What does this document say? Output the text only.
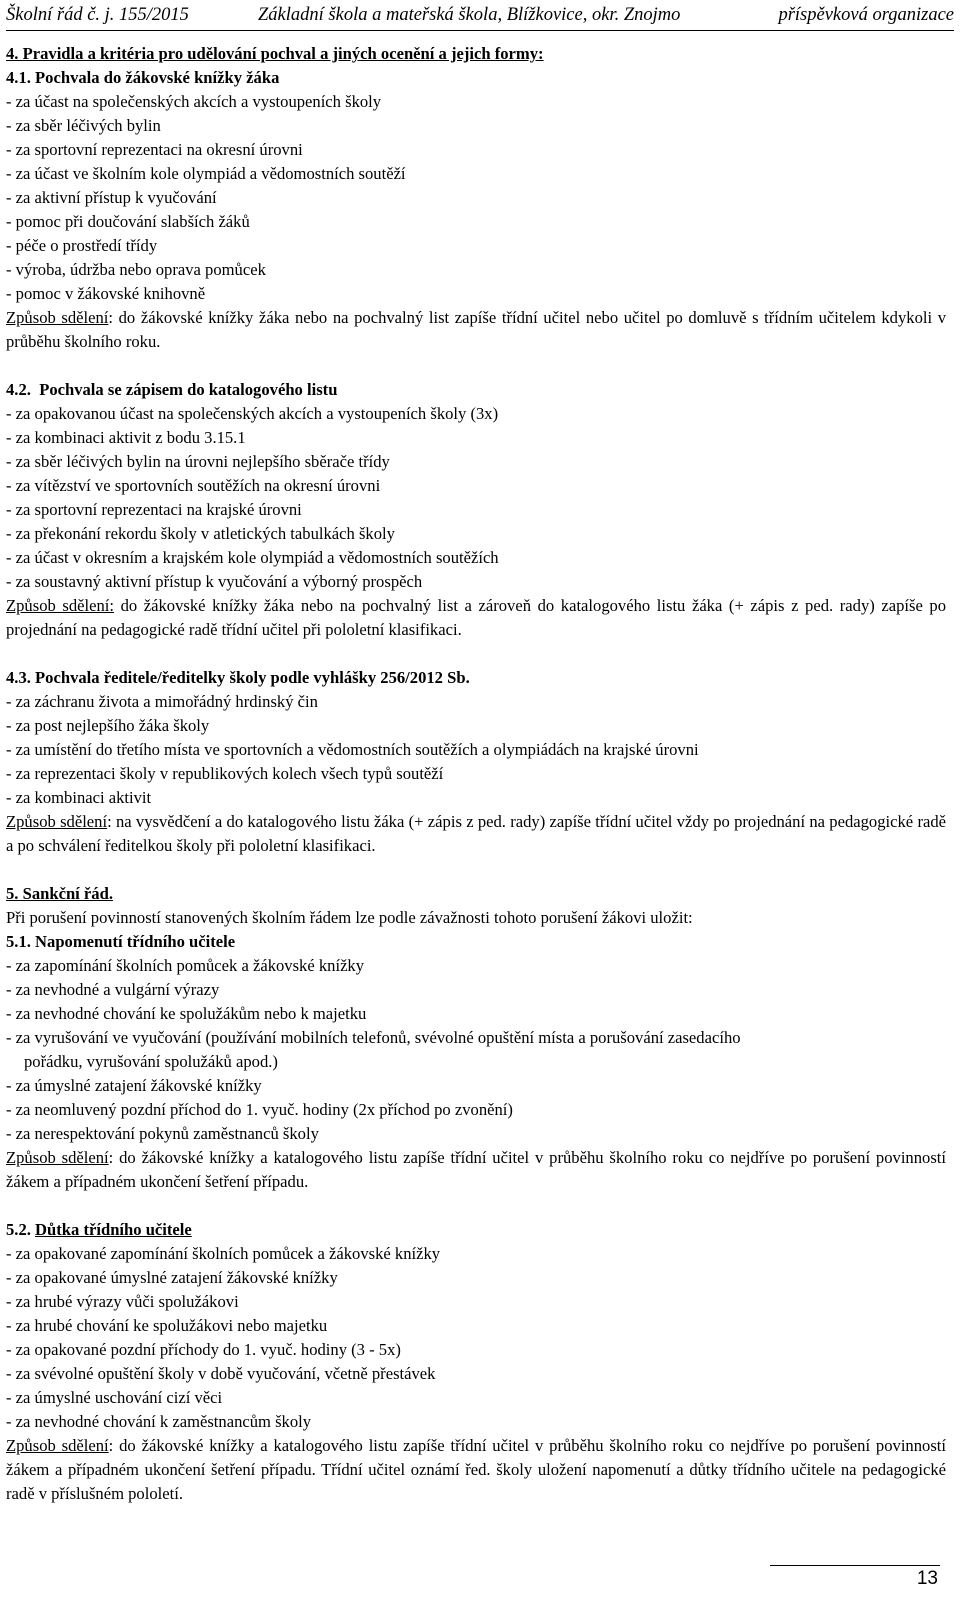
Školní řád č. j. 155/2015	Základní škola a mateřská škola, Blížkovice, okr. Znojmo	příspěvková organizace
4. Pravidla a kritéria pro udělování pochval a jiných ocenění a jejich formy:
4.1. Pochvala do žákovské knížky žáka
- za účast na společenských akcích a vystoupeních školy
- za sběr léčivých bylin
- za sportovní reprezentaci na okresní úrovni
- za účast ve školním kole olympiád a vědomostních soutěží
- za aktivní přístup k vyučování
- pomoc při doučování slabších žáků
- péče o prostředí třídy
- výroba, údržba nebo oprava pomůcek
- pomoc v žákovské knihovně
Způsob sdělení: do žákovské knížky žáka nebo na pochvalný list zapíše třídní učitel nebo učitel po domluvě s třídním učitelem kdykoli v průběhu školního roku.
4.2. Pochvala se zápisem do katalogového listu
- za opakovanou účast na společenských akcích a vystoupeních školy (3x)
- za kombinaci aktivit z bodu 3.15.1
- za sběr léčivých bylin na úrovni nejlepšího sběrače třídy
- za vítězství ve sportovních soutěžích na okresní úrovni
- za sportovní reprezentaci na krajské úrovni
- za překonání rekordu školy v atletických tabulkách školy
- za účast v okresním a krajském kole olympiád a vědomostních soutěžích
- za soustavný aktivní přístup k vyučování a výborný prospěch
Způsob sdělení: do žákovské knížky žáka nebo na pochvalný list a zároveň do katalogového listu žáka (+ zápis z ped. rady) zapíše po projednání na pedagogické radě třídní učitel při pololetní klasifikaci.
4.3. Pochvala ředitele/ředitelky školy podle vyhlášky 256/2012 Sb.
- za záchranu života a mimořádný hrdinský čin
- za post nejlepšího žáka školy
- za umístění do třetího místa ve sportovních a vědomostních soutěžích a olympiádách na krajské úrovni
- za reprezentaci školy v republikových kolech všech typů soutěží
- za kombinaci aktivit
Způsob sdělení: na vysvědčení a do katalogového listu žáka (+ zápis z ped. rady) zapíše třídní učitel vždy po projednání na pedagogické radě a po schválení ředitelkou školy při pololetní klasifikaci.
5. Sankční řád.
Při porušení povinností stanovených školním řádem lze podle závažnosti tohoto porušení žákovi uložit:
5.1. Napomenutí třídního učitele
- za zapomínání školních pomůcek a žákovské knížky
- za nevhodné a vulgární výrazy
- za nevhodné chování ke spolužákům nebo k majetku
- za vyrušování ve vyučování (používání mobilních telefonů, svévolné opuštění místa a porušování zasedacího
pořádku, vyrušování spolužáků apod.)
- za úmyslné zatajení žákovské knížky
- za neomluvený pozdní příchod do 1. vyuč. hodiny (2x příchod po zvonění)
- za nerespektování pokynů zaměstnanců školy
Způsob sdělení: do žákovské knížky a katalogového listu zapíše třídní učitel v průběhu školního roku co nejdříve po porušení povinností žákem a případném ukončení šetření případu.
5.2. Důtka třídního učitele
- za opakované zapomínání školních pomůcek a žákovské knížky
- za opakované úmyslné zatajení žákovské knížky
- za hrubé výrazy vůči spolužákovi
- za hrubé chování ke spolužákovi nebo majetku
- za opakované pozdní příchody do 1. vyuč. hodiny (3 - 5x)
- za svévolné opuštění školy v době vyučování, včetně přestávek
- za úmyslné uschování cizí věci
- za nevhodné chování k zaměstnancům školy
Způsob sdělení: do žákovské knížky a katalogového listu zapíše třídní učitel v průběhu školního roku co nejdříve po porušení povinností žákem a případném ukončení šetření případu. Třídní učitel oznámí řed. školy uložení napomenutí a důtky třídního učitele na pedagogické radě v příslušném pololetí.
13
